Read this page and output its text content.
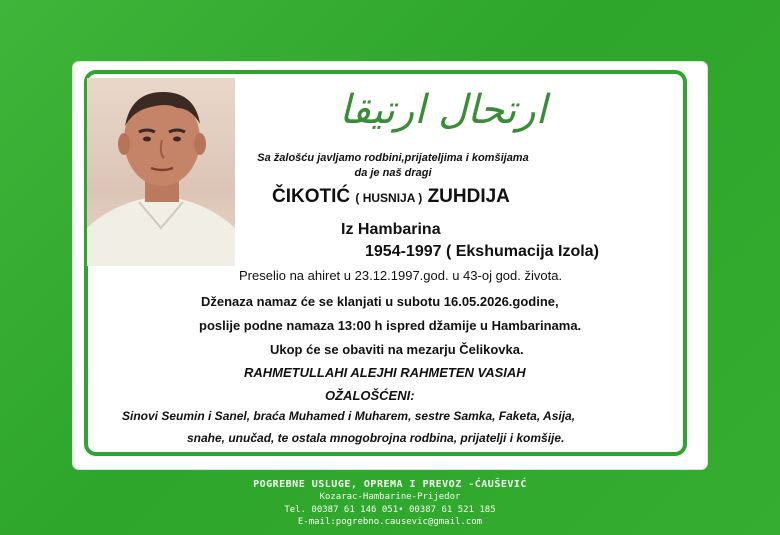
ارتحال ارتيقا
Sa žalošću javljamo rodbini,prijateljima i komšijama
da je naš dragi
ČIKOTIĆ ( HUSNIJA ) ZUHDIJA
Iz Hambarina
1954-1997 ( Ekshumacija Izola)
Preselio na ahiret u 23.12.1997.god. u 43-oj god. života.
Dženaza namaz će se klanjati u subotu 16.05.2026.godine,
poslije podne namaza 13:00 h ispred džamije u Hambarinama.
Ukop će se obaviti na mezarju Čelikovka.
RAHMETULLAHI ALEJHI RAHMETEN VASIAH
OŽALOŠĆENI:
Sinovi Seumin i Sanel, braća Muhamed i Muharem, sestre Samka, Faketa, Asija,
snahe, unučad, te ostala mnogobrojna rodbina, prijatelji i komšije.
POGREBNE USLUGE, OPREMA I PREVOZ -ĆAUŠEVIĆ
Kozarac-Hambarine-Prijedor
Tel. 00387 61 146 051• 00387 61 521 185
E-mail:pogrebno.causevic@gmail.com
